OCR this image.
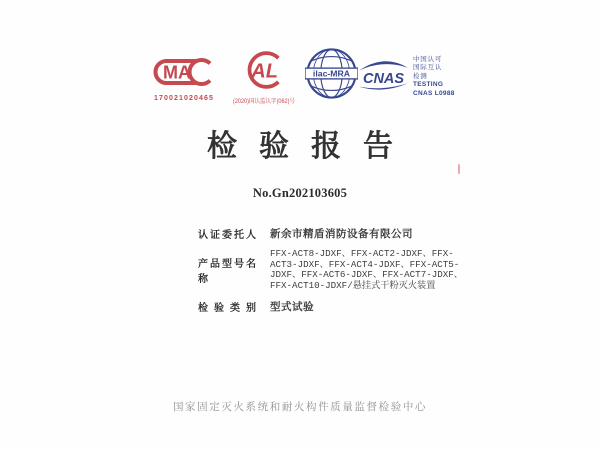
MA
170021020465
AL
(2020)国认监认字(062)号
ilac-MRA CNAS
中国认可
国际互认
检测
TESTING
CNAS L0988
检验报告
No.Gn202103605
认证委托人 新余市精盾消防设备有限公司
产品型号名称
FFX-ACT8-JDXF、FFX-ACT2-JDXF、FFX-
ACT3-JDXF、FFX-ACT4-JDXF、FFX-ACT5-
JDXF、FFX-ACT6-JDXF、FFX-ACT7-JDXF、
FFX-ACT10-JDXF/悬挂式干粉灭火装置
检验类别 型式试验
国家固定灭火系统和耐火构件质量监督检验中心
